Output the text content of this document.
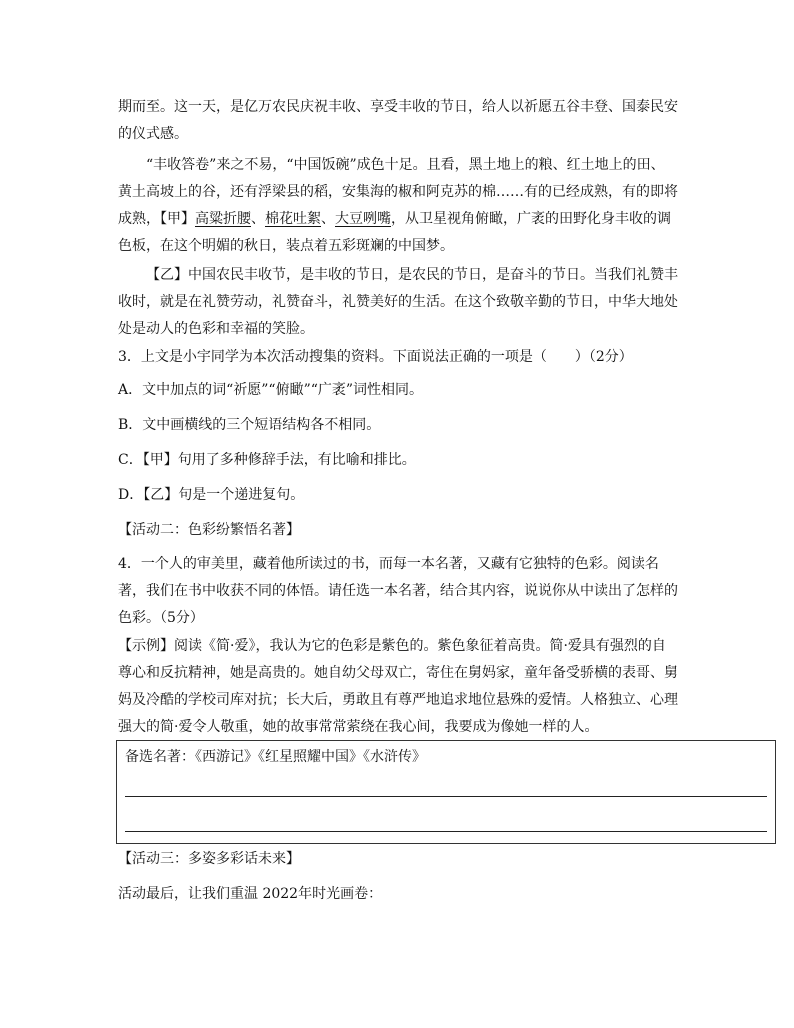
期而至。这一天，是亿万农民庆祝丰收、享受丰收的节日，给人以祈愿五谷丰登、国泰民安的仪式感。

“丰收答卷”来之不易，“中国饭碗”成色十足。且看，黑土地上的粮、红土地上的田、黄土高坡上的谷，还有浮梁县的稻，安集海的椒和阿克苏的棉……有的已经成熟，有的即将成熟，【甲】高粱折腰、棉花吐絮、大豆咧嘴，从卫星视角俯瞰，广袤的田野化身丰收的调色板，在这个明媚的秋日，装点着五彩斑斓的中国梦。

【乙】中国农民丰收节，是丰收的节日，是农民的节日，是奋斗的节日。当我们礼赞丰收时，就是在礼赞劳动，礼赞奋斗，礼赞美好的生活。在这个致敬辛勤的节日，中华大地处处是动人的色彩和幸福的笑脸。

3．上文是小宇同学为本次活动搜集的资料。下面说法正确的一项是（　　）（2分）

A．文中加点的词“祈愿”“俯瞰”“广袤”词性相同。

B．文中画横线的三个短语结构各不相同。

C．【甲】句用了多种修辞手法，有比喻和排比。

D．【乙】句是一个递进复句。

【活动二：色彩纷繁悟名著】

4．一个人的审美里，藏着他所读过的书，而每一本名著，又藏有它独特的色彩。阅读名著，我们在书中收获不同的体悟。请任选一本名著，结合其内容，说说你从中读出了怎样的色彩。（5分）

【示例】阅读《简·爱》，我认为它的色彩是紫色的。紫色象征着高贵。简·爱具有强烈的自尊心和反抗精神，她是高贵的。她自幼父母双亡，寄住在舅妈家，童年备受骄横的表哥、舅妈及冷酷的学校司库对抗；长大后，勇敢且有尊严地追求地位悬殊的爱情。人格独立、心理强大的简·爱令人敬重，她的故事常常萦绕在我心间，我要成为像她一样的人。

备选名著：《西游记》《红星照耀中国》《水浒传》

【活动三：多姿多彩话未来】

活动最后，让我们重温 2022年时光画卷：
